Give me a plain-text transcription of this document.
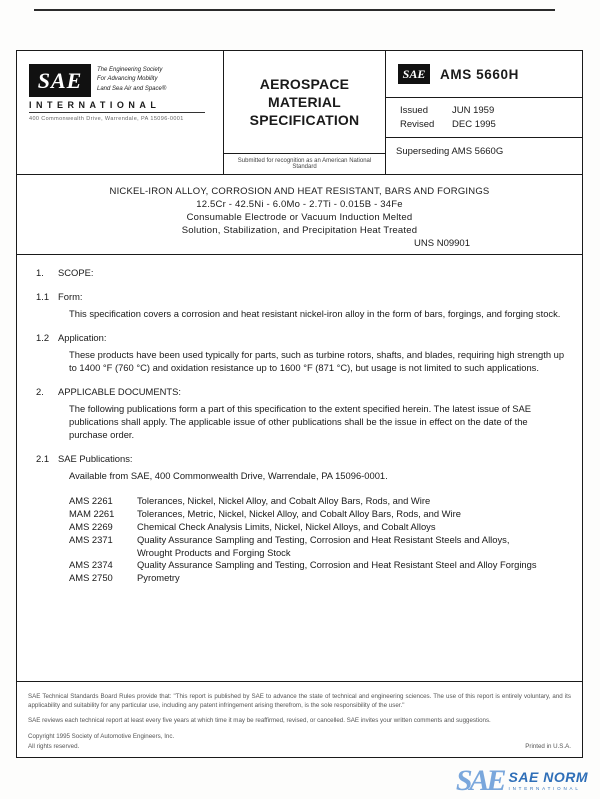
SAE	The Engineering Society
For Advancing Mobility
Land Sea Air and Space®
INTERNATIONAL
400 Commonwealth Drive, Warrendale, PA 15096-0001
AEROSPACE MATERIAL SPECIFICATION
Submitted for recognition as an American National Standard
SAE	AMS 5660H
Issued	JUN 1959
Revised	DEC 1995
Superseding AMS 5660G
NICKEL-IRON ALLOY, CORROSION AND HEAT RESISTANT, BARS AND FORGINGS
12.5Cr - 42.5Ni - 6.0Mo - 2.7Ti - 0.015B - 34Fe
Consumable Electrode or Vacuum Induction Melted
Solution, Stabilization, and Precipitation Heat Treated
UNS N09901
1.	SCOPE:
1.1 Form:

This specification covers a corrosion and heat resistant nickel-iron alloy in the form of bars, forgings, and forging stock.

1.2 Application:

These products have been used typically for parts, such as turbine rotors, shafts, and blades, requiring high strength up to 1400 °F (760 °C) and oxidation resistance up to 1600 °F (871 °C), but usage is not limited to such applications.

2.	APPLICABLE DOCUMENTS:

The following publications form a part of this specification to the extent specified herein. The latest issue of SAE publications shall apply. The applicable issue of other publications shall be the issue in effect on the date of the purchase order.

2.1 SAE Publications:

Available from SAE, 400 Commonwealth Drive, Warrendale, PA 15096-0001.

AMS 2261	Tolerances, Nickel, Nickel Alloy, and Cobalt Alloy Bars, Rods, and Wire
MAM 2261	Tolerances, Metric, Nickel, Nickel Alloy, and Cobalt Alloy Bars, Rods, and Wire
AMS 2269	Chemical Check Analysis Limits, Nickel, Nickel Alloys, and Cobalt Alloys
AMS 2371	Quality Assurance Sampling and Testing, Corrosion and Heat Resistant Steels and Alloys, Wrought Products and Forging Stock
AMS 2374	Quality Assurance Sampling and Testing, Corrosion and Heat Resistant Steel and Alloy Forgings
AMS 2750	Pyrometry

SAE Technical Standards Board Rules provide that: "This report is published by SAE to advance the state of technical and engineering sciences. The use of this report is entirely voluntary, and its applicability and suitability for any particular use, including any patent infringement arising therefrom, is the sole responsibility of the user."

SAE reviews each technical report at least every five years at which time it may be reaffirmed, revised, or cancelled. SAE invites your written comments and suggestions.

Copyright 1995 Society of Automotive Engineers, Inc.
All rights reserved.	Printed in U.S.A.
SAE SAE NORM
INTERNATIONAL
